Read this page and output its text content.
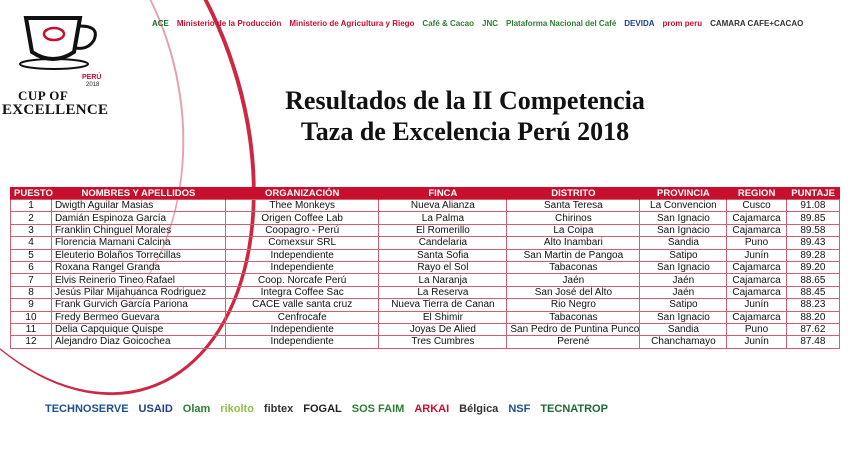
PERÚ
2018
CUP OF
EXCELLENCE
ACE Ministerio de la Producción Ministerio de Agricultura y Riego Café & Cacao JNC Plataforma Nacional del Café DEVIDA prom peru CAMARA CAFE+CACAO
Resultados de la II Competencia
Taza de Excelencia Perú 2018
PUESTO	NOMBRES Y APELLIDOS	ORGANIZACIÓN	FINCA	DISTRITO	PROVINCIA	REGION	PUNTAJE
1	Dwigth Aguilar Masias	Thee Monkeys	Nueva Alianza	Santa Teresa	La Convencion	Cusco	91.08
2	Damián Espinoza García	Origen Coffee Lab	La Palma	Chirinos	San Ignacio	Cajamarca	89.85
3	Franklin Chinguel Morales	Coopagro - Perú	El Romerillo	La Coipa	San Ignacio	Cajamarca	89.58
4	Florencia Mamani Calcina	Comexsur SRL	Candelaria	Alto Inambari	Sandia	Puno	89.43
5	Eleuterio Bolaños Torrecillas	Independiente	Santa Sofia	San Martin de Pangoa	Satipo	Junín	89.28
6	Roxana Rangel Granda	Independiente	Rayo el Sol	Tabaconas	San Ignacio	Cajamarca	89.20
7	Elvis Reinerio Tineo Rafael	Coop. Norcafe Perú	La Naranja	Jaén	Jaén	Cajamarca	88.65
8	Jesús Pilar Mijahuanca Rodriguez	Integra Coffee Sac	La Reserva	San José del Alto	Jaén	Cajamarca	88.45
9	Frank Gurvich García Pariona	CACE valle santa cruz	Nueva Tierra de Canan	Rio Negro	Satipo	Junín	88.23
10	Fredy Bermeo Guevara	Cenfrocafe	El Shimir	Tabaconas	San Ignacio	Cajamarca	88.20
11	Delia Capquique Quispe	Independiente	Joyas De Alied	San Pedro de Puntina Punco	Sandia	Puno	87.62
12	Alejandro Diaz Goicochea	Independiente	Tres Cumbres	Perené	Chanchamayo	Junín	87.48
TECHNOSERVE USAID Olam rikolto fibtex FOGAL SOS FAIM ARKAI Bélgica NSF TECNATROP
